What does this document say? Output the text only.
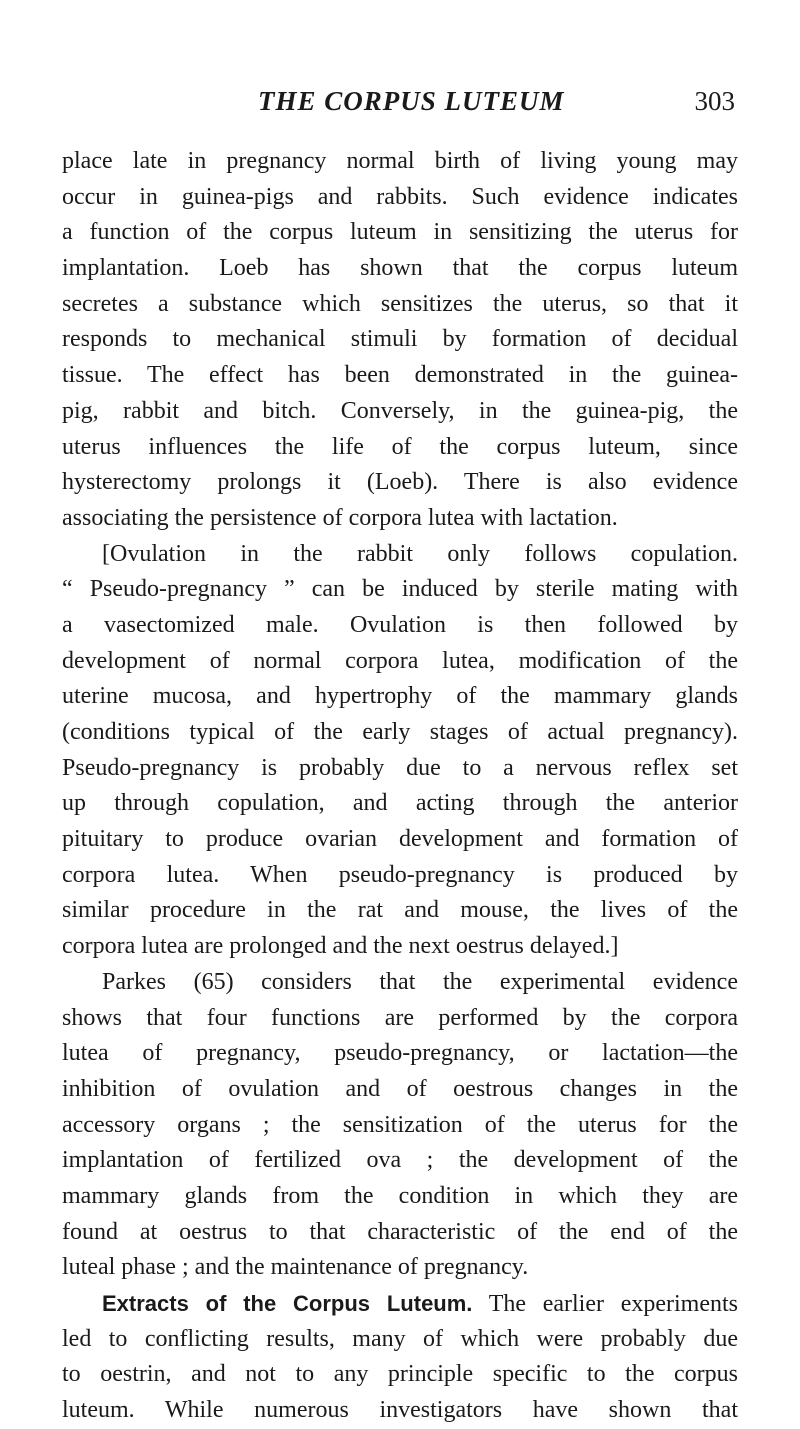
THE CORPUS LUTEUM	303
place late in pregnancy normal birth of living young may
occur in guinea-pigs and rabbits. Such evidence indicates
a function of the corpus luteum in sensitizing the uterus for
implantation. Loeb has shown that the corpus luteum
secretes a substance which sensitizes the uterus, so that it
responds to mechanical stimuli by formation of decidual
tissue. The effect has been demonstrated in the guinea-
pig, rabbit and bitch. Conversely, in the guinea-pig, the
uterus influences the life of the corpus luteum, since
hysterectomy prolongs it (Loeb). There is also evidence
associating the persistence of corpora lutea with lactation.
[Ovulation in the rabbit only follows copulation.
“ Pseudo-pregnancy ” can be induced by sterile mating with
a vasectomized male. Ovulation is then followed by
development of normal corpora lutea, modification of the
uterine mucosa, and hypertrophy of the mammary glands
(conditions typical of the early stages of actual pregnancy).
Pseudo-pregnancy is probably due to a nervous reflex set
up through copulation, and acting through the anterior
pituitary to produce ovarian development and formation of
corpora lutea. When pseudo-pregnancy is produced by
similar procedure in the rat and mouse, the lives of the
corpora lutea are prolonged and the next oestrus delayed.]
Parkes (65) considers that the experimental evidence
shows that four functions are performed by the corpora
lutea of pregnancy, pseudo-pregnancy, or lactation—the
inhibition of ovulation and of oestrous changes in the
accessory organs ; the sensitization of the uterus for the
implantation of fertilized ova ; the development of the
mammary glands from the condition in which they are
found at oestrus to that characteristic of the end of the
luteal phase ; and the maintenance of pregnancy.
Extracts of the Corpus Luteum. The earlier experiments
led to conflicting results, many of which were probably due
to oestrin, and not to any principle specific to the corpus
luteum. While numerous investigators have shown that
